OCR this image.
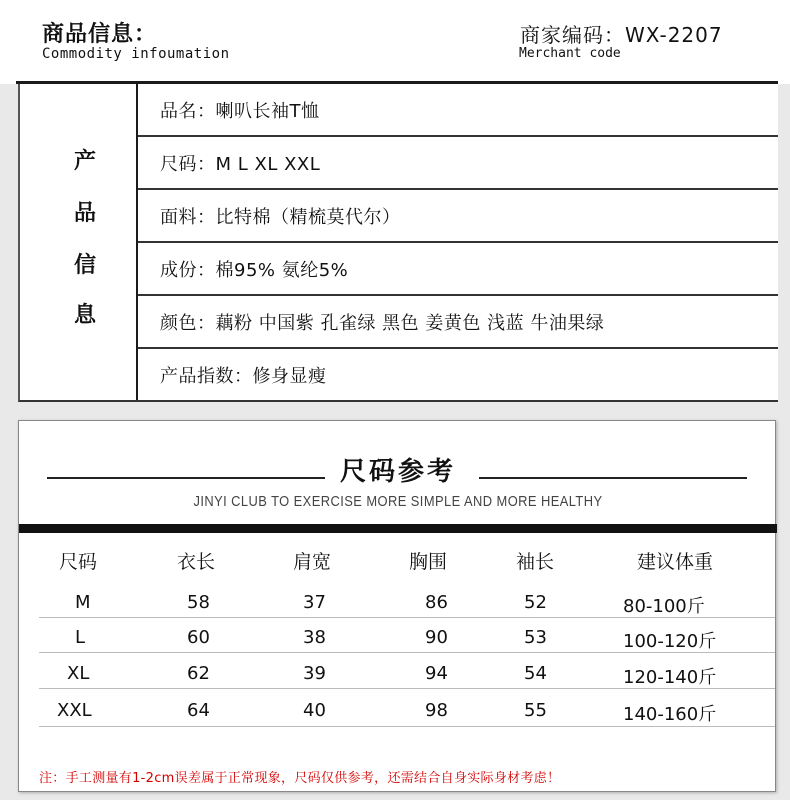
商品信息：
Commodity infoumation
商家编码：WX-2207
Merchant code
产
品
信
息
品名：喇叭长袖T恤
尺码：M L XL XXL
面料：比特棉（精梳莫代尔）
成份：棉95% 氨纶5%
颜色：藕粉 中国紫 孔雀绿 黑色 姜黄色 浅蓝 牛油果绿
产品指数：修身显瘦
尺码参考
JINYI CLUB TO EXERCISE MORE SIMPLE AND MORE HEALTHY
尺码	衣长	肩宽	胸围	袖长	建议体重
M	58	37	86	52	80-100斤
L	60	38	90	53	100-120斤
XL	62	39	94	54	120-140斤
XXL	64	40	98	55	140-160斤
注：手工测量有1-2cm误差属于正常现象，尺码仅供参考，还需结合自身实际身材考虑！
